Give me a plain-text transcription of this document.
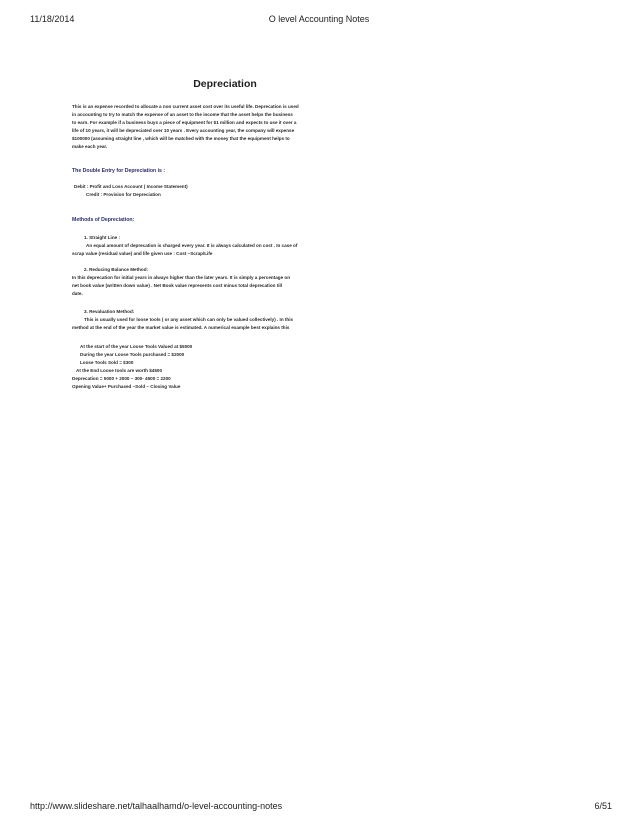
11/18/2014	O level Accounting Notes
Depreciation

This is an expense recorded to allocate a non current asset cost over its useful life. Deprecation is used

in accounting to try to match the expense of an asset to the income that the asset helps the business

to earn. For example if a business buys a piece of equipment for $1 million and expects to use it over a

life of 10 years, it will be depreciated over 10 years . Every accounting year, the company will expense

$100000 (assuming straight line , which will be matched with the money that the equipment helps to

make each year.

The Double Entry for Depreciation is :

Debit : Profit and Loss Account ( Income Statement)

Credit : Provision for Depreciation

Methods of Depreciation:

1. Straight Line :

An equal amount of deprecation is charged every year. It is always calculated on cost . In case of

scrap value (residual value) and life given use : Cost –Scrap/Life

2. Reducing Balance Method:

In this deprecation for initial years in always higher than the later years. It is simply a percentage on

net book value (written down value) . Net Book value represents cost minus total deprecation till

date.

3. Revaluation Method:

This is usually used for loose tools ( or any asset which can only be valued collectively) . In this

method at the end of the year the market value is estimated. A numerical example best explains this

At the start of the year Loose Tools Valued at $5000

During the year Loose Tools purchased = $2000

Loose Tools Sold = $300

At the End Loose tools are worth $4500

Deprecation = 5000 + 2000 – 300- 4500 = 2200

Opening Value+ Purchased –Sold – Closing Value

http://www.slideshare.net/talhaalhamd/o-level-accounting-notes	6/51
